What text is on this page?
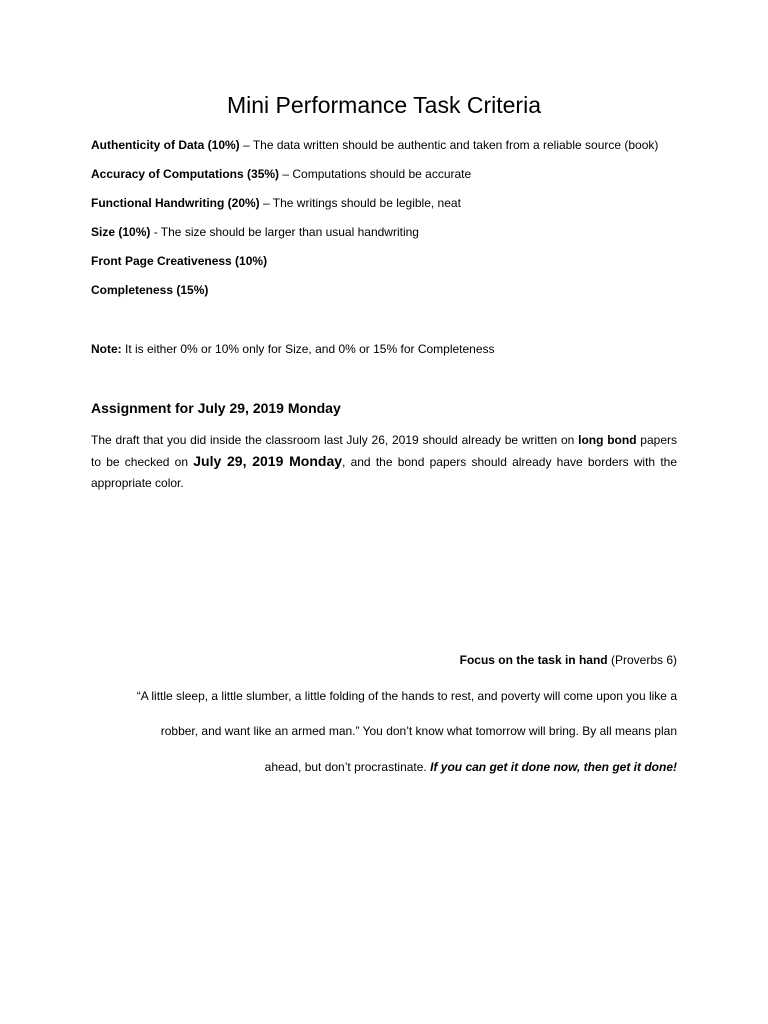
Mini Performance Task Criteria
Authenticity of Data (10%) – The data written should be authentic and taken from a reliable source (book)
Accuracy of Computations (35%) – Computations should be accurate
Functional Handwriting (20%) – The writings should be legible, neat
Size (10%) - The size should be larger than usual handwriting
Front Page Creativeness (10%)
Completeness (15%)
Note: It is either 0% or 10% only for Size, and 0% or 15% for Completeness
Assignment for July 29, 2019 Monday
The draft that you did inside the classroom last July 26, 2019 should already be written on long bond papers to be checked on July 29, 2019 Monday, and the bond papers should already have borders with the appropriate color.
Focus on the task in hand (Proverbs 6)
“A little sleep, a little slumber, a little folding of the hands to rest, and poverty will come upon you like a
robber, and want like an armed man.” You don’t know what tomorrow will bring. By all means plan
ahead, but don’t procrastinate. If you can get it done now, then get it done!
